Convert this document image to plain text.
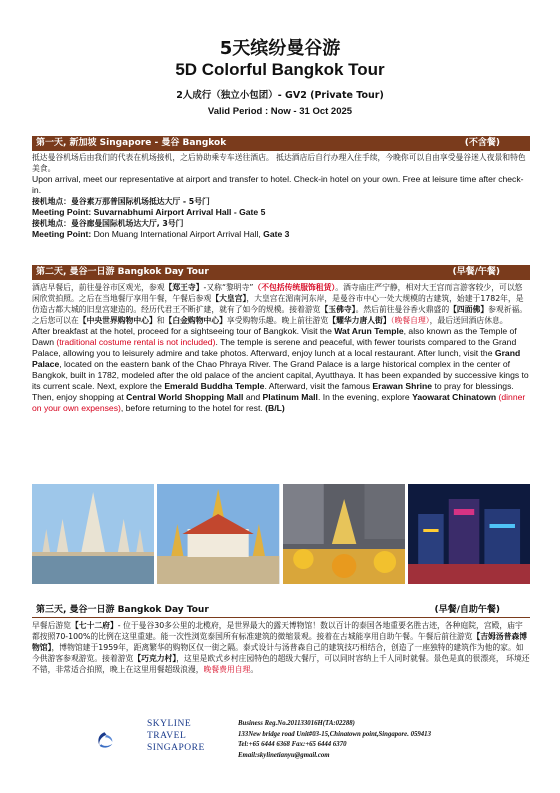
5天缤纷曼谷游
5D Colorful Bangkok Tour
2人成行（独立小包团）- GV2 (Private Tour)
Valid Period : Now - 31 Oct 2025
第一天, 新加坡 Singapore - 曼谷 Bangkok	(不含餐)

抵达曼谷机场后由我们的代表在机场接机，之后协助乘专车送往酒店。 抵达酒店后自行办理入住手续，今晚你可以自由享受曼谷迷人夜景和特色美食。

Upon arrival, meet our representative at airport and transfer to hotel. Check-in hotel on your own. Free at leisure time after check-in.

接机地点：曼谷素万那普国际机场抵达大厅 - 5号门

Meeting Point: Suvarnabhumi Airport Arrival Hall - Gate 5

接机地点：曼谷廊曼国际机场达大厅, 3号门

Meeting Point: Don Muang International Airport Arrival Hall, Gate 3

第二天, 曼谷一日游 Bangkok Day Tour	(早餐/午餐)

酒店早餐后，前往曼谷市区观光，参观【郑王寺】-又称“黎明寺”（不包括传统服饰租赁）。酒寺庙庄严宁静，相对大王宫而言游客较少，可以悠闲欣赏拍照。之后在当地餐厅享用午餐，午餐后参观【大皇宫】，大皇宫在湄南河东岸，是曼谷市中心一处大规模的古建筑，始建于1782年，是仿造古都大城的旧皇宫建造的。经历代君王不断扩建，就有了如今的规模。接着游览【玉佛寺】。然后前往曼谷香火鼎盛的【四面佛】参观祈福。之后您可以在【中央世界购物中心】和【白金购物中心】享受购物乐趣。晚上前往游览【耀华力唐人街】（晚餐自理），最后送回酒店休息。

After breakfast at the hotel, proceed for a sightseeing tour of Bangkok. Visit the Wat Arun Temple, also known as the Temple of Dawn (traditional costume rental is not included). The temple is serene and peaceful, with fewer tourists compared to the Grand Palace, allowing you to leisurely admire and take photos. Afterward, enjoy lunch at a local restaurant. After lunch, visit the Grand Palace, located on the eastern bank of the Chao Phraya River. The Grand Palace is a large historical complex in the center of Bangkok, built in 1782, modeled after the old palace of the ancient capital, Ayutthaya. It has been expanded by successive kings to its current scale. Next, explore the Emerald Buddha Temple. Afterward, visit the famous Erawan Shrine to pray for blessings. Then, enjoy shopping at Central World Shopping Mall and Platinum Mall. In the evening, explore Yaowarat Chinatown (dinner on your own expenses), before returning to the hotel for rest. (B/L)

第三天, 曼谷一日游 Bangkok Day Tour	(早餐/自助午餐)

早餐后游览【七十二府】- 位于曼谷30多公里的北榄府，是世界最大的露天博物馆！数以百计的泰国各地重要名胜古迹，各种庭院，宫殿，庙宇都按照70-100%的比例在这里重建。能一次性浏览泰国所有标准建筑的微缩景观。接着在古城能享用自助午餐。午餐后前往游览【吉姆汤普森博物馆】，博物馆建于1959年，距离繁华的购物区仅一街之隔。泰式设计与汤普森自己的建筑技巧相结合，创造了一座独特的建筑作为他的家。如今供游客参观游览。接着游览【巧克力村】，这里是欧式乡村庄园特色的超级大餐厅，可以同时容纳上千人同时就餐。景色是真的很漂亮， 环境还不错，非常适合拍照，晚上在这里用餐超级浪漫，晚餐费用自理。

SKYLINE
TRAVEL
SINGAPORE
Business Reg.No.201133016H(TA:02288)
133New bridge road Unit#03-15,Chinatown point,Singapore. 059413
Tel:+65 6444 6368 Fax:+65 6444 6370
Email:skylinetianyu@gmail.com
